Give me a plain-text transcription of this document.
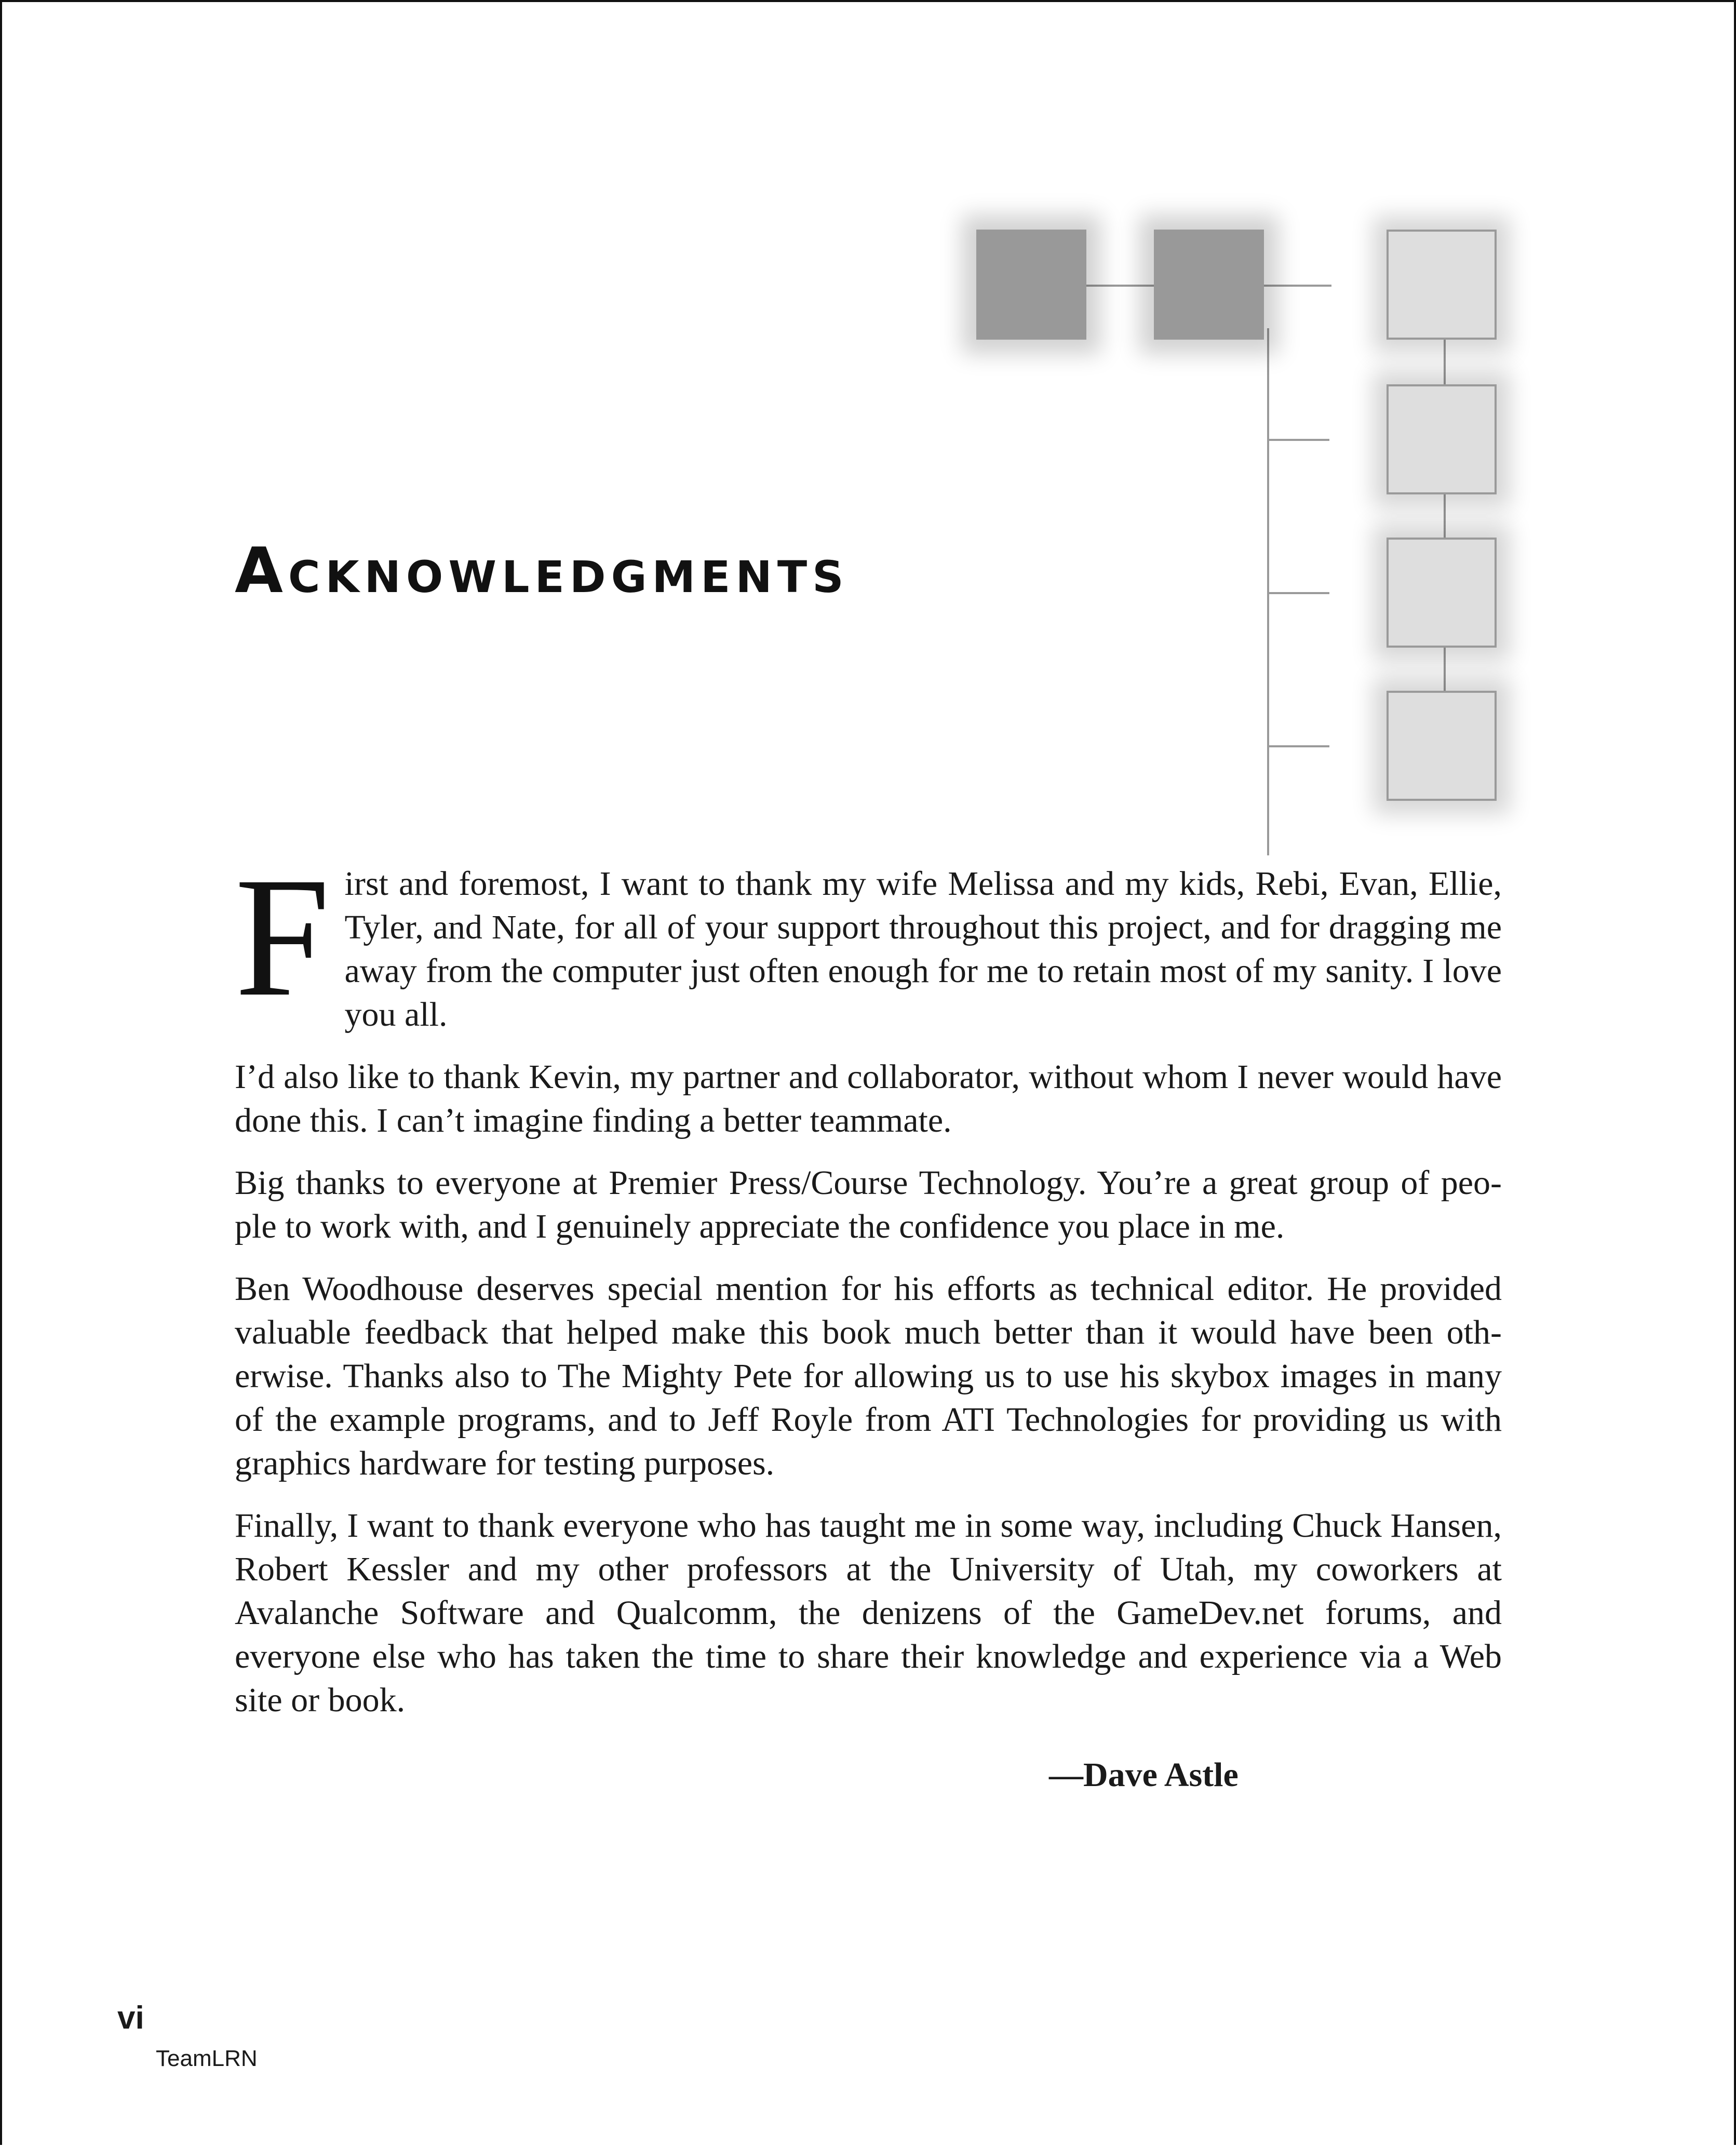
Acknowledgments

First and foremost, I want to thank my wife Melissa and my kids, Rebi, Evan, Ellie, Tyler, and Nate, for all of your support throughout this project, and for dragging me away from the computer just often enough for me to retain most of my sanity. I love you all.

I’d also like to thank Kevin, my partner and collaborator, without whom I never would have done this. I can’t imagine finding a better teammate.

Big thanks to everyone at Premier Press/Course Technology. You’re a great group of peo-ple to work with, and I genuinely appreciate the confidence you place in me.

Ben Woodhouse deserves special mention for his efforts as technical editor. He provided valuable feedback that helped make this book much better than it would have been oth-erwise. Thanks also to The Mighty Pete for allowing us to use his skybox images in many of the example programs, and to Jeff Royle from ATI Technologies for providing us with graphics hardware for testing purposes.

Finally, I want to thank everyone who has taught me in some way, including Chuck Hansen, Robert Kessler and my other professors at the University of Utah, my coworkers at Avalanche Software and Qualcomm, the denizens of the GameDev.net forums, and everyone else who has taken the time to share their knowledge and experience via a Web site or book.

—Dave Astle
vi
TeamLRN
